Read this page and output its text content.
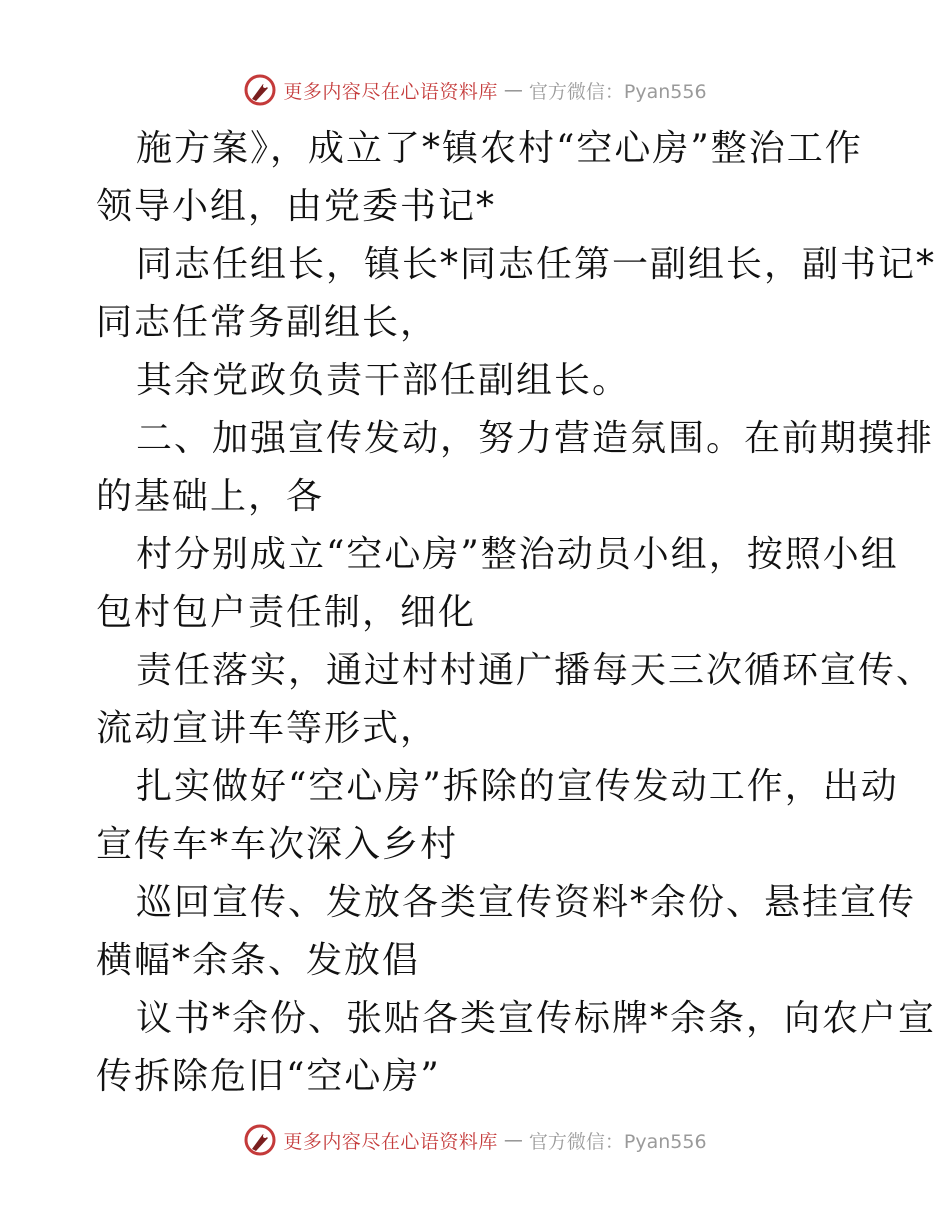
更多内容尽在心语资料库 — 官方微信：Pyan556
施方案》，成立了*镇农村“空心房”整治工作
领导小组，由党委书记*
同志任组长，镇长*同志任第一副组长，副书记*
同志任常务副组长，
其余党政负责干部任副组长。
二、加强宣传发动，努力营造氛围。在前期摸排
的基础上，各
村分别成立“空心房”整治动员小组，按照小组
包村包户责任制，细化
责任落实，通过村村通广播每天三次循环宣传、
流动宣讲车等形式，
扎实做好“空心房”拆除的宣传发动工作，出动
宣传车*车次深入乡村
巡回宣传、发放各类宣传资料*余份、悬挂宣传
横幅*余条、发放倡
议书*余份、张贴各类宣传标牌*余条，向农户宣
传拆除危旧“空心房”
更多内容尽在心语资料库 — 官方微信：Pyan556
